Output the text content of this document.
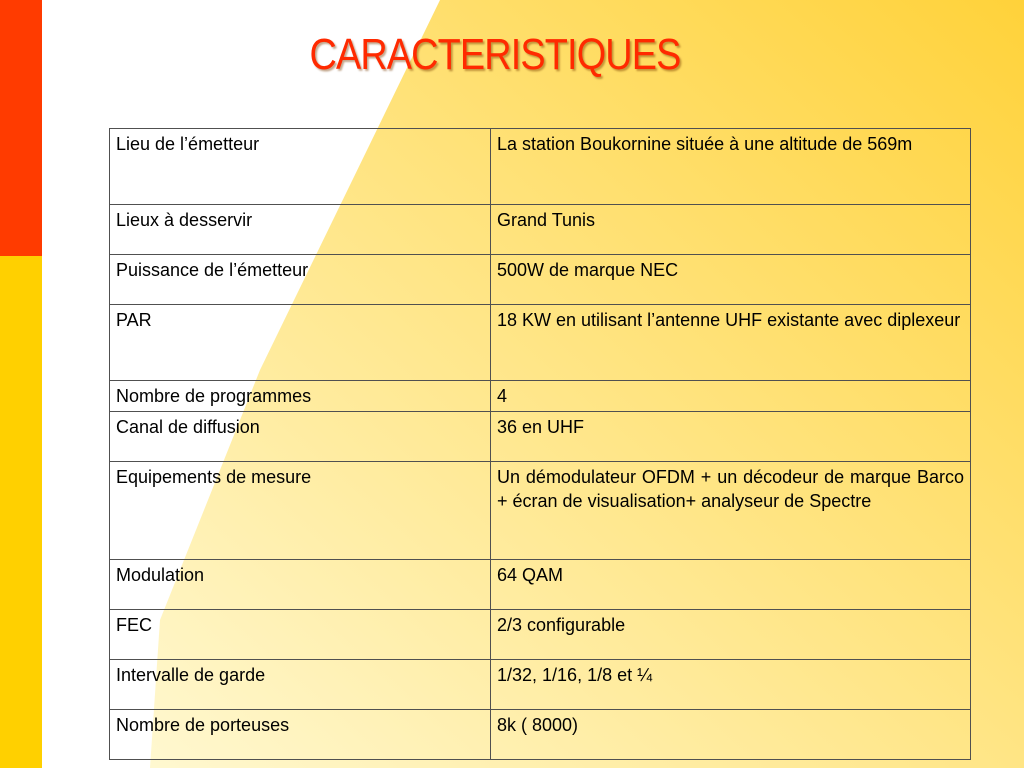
CARACTERISTIQUES
Lieu de l’émetteur	La station Boukornine située à une altitude de 569m
Lieux à desservir	Grand Tunis
Puissance de l’émetteur	500W de marque NEC
PAR	18 KW en utilisant l’antenne UHF existante avec diplexeur
Nombre de programmes	4
Canal de diffusion	36 en UHF
Equipements de mesure	Un démodulateur OFDM + un décodeur de marque Barco + écran de visualisation+ analyseur de Spectre
Modulation	64 QAM
FEC	2/3 configurable
Intervalle de garde	1/32, 1/16, 1/8 et ¼
Nombre de porteuses	8k ( 8000)
